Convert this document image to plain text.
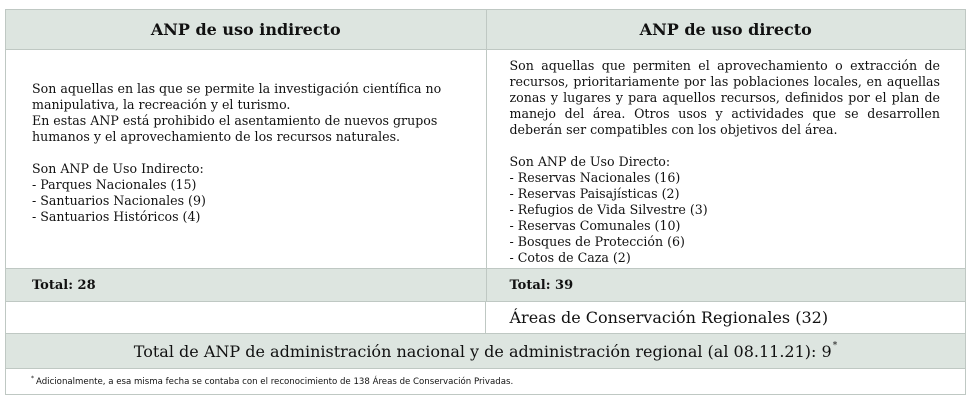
ANP de uso indirecto	ANP de uso directo
Son aquellas en las que se permite la investigación científica no manipulativa, la recreación y el turismo.
En estas ANP está prohibido el asentamiento de nuevos grupos humanos y el aprovechamiento de los recursos naturales.
Son ANP de Uso Indirecto:
- Parques Nacionales (15)
- Santuarios Nacionales (9)
- Santuarios Históricos (4)
Son aquellas que permiten el aprovechamiento o extracción de recursos, prioritariamente por las poblaciones locales, en aquellas zonas y lugares y para aquellos recursos, definidos por el plan de manejo del área. Otros usos y actividades que se desarrollen deberán ser compatibles con los objetivos del área.
Son ANP de Uso Directo:
- Reservas Nacionales (16)
- Reservas Paisajísticas (2)
- Refugios de Vida Silvestre (3)
- Reservas Comunales (10)
- Bosques de Protección (6)
- Cotos de Caza (2)
Total: 28	Total: 39
Áreas de Conservación Regionales (32)
Total de ANP de administración nacional y de administración regional (al 08.11.21): 9*
* Adicionalmente, a esa misma fecha se contaba con el reconocimiento de 138 Áreas de Conservación Privadas.
